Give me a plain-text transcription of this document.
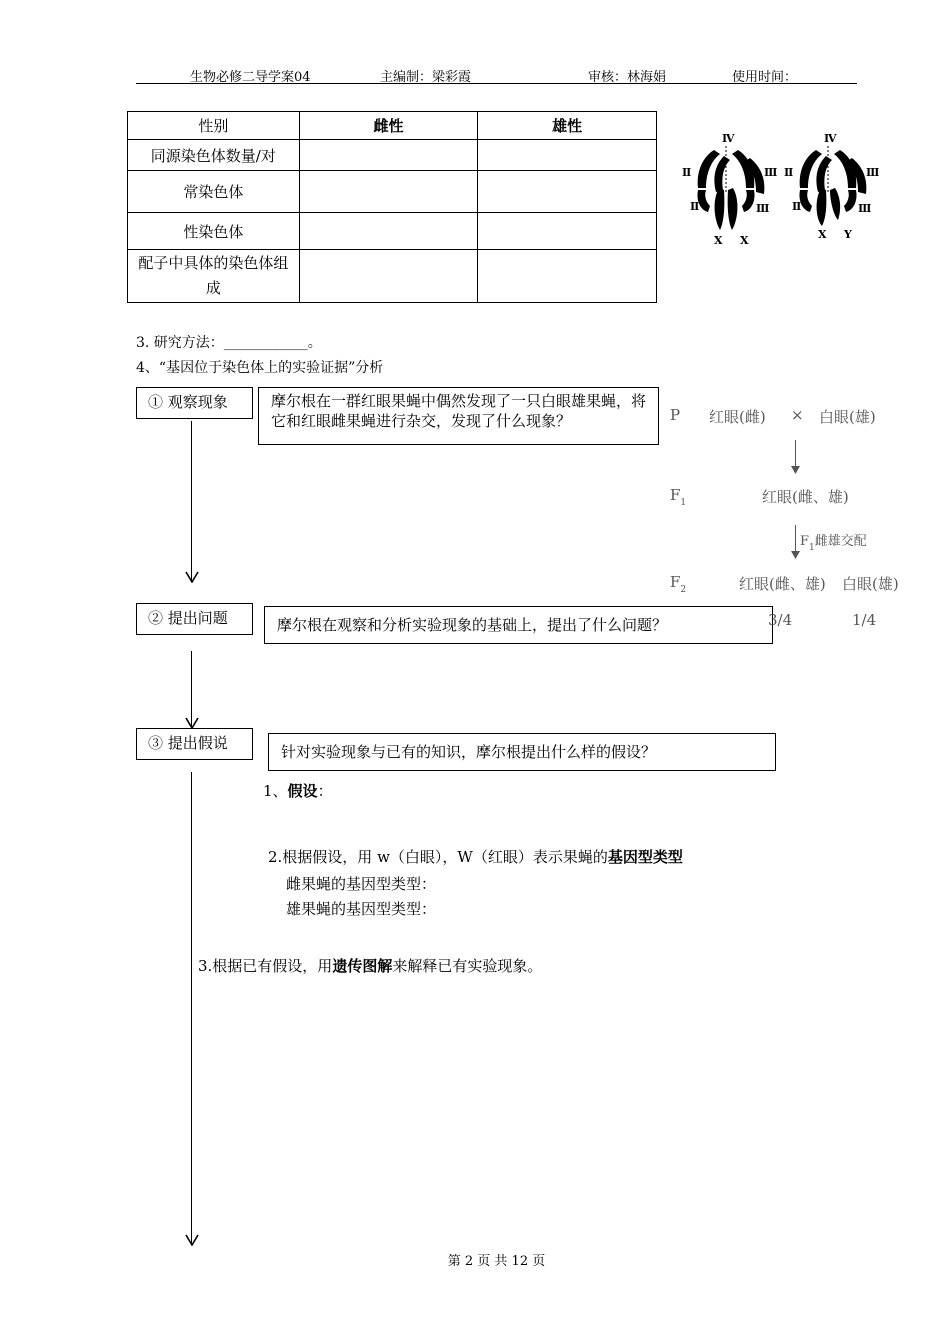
生物必修二导学案04	主编制：梁彩霞	审核：林海娟	使用时间：
性别	雌性	雄性
同源染色体数量/对		
常染色体		
性染色体		
配子中具体的染色体组成		
Ⅳ
Ⅱ	Ⅲ
Ⅱ	Ⅲ
X X
Ⅳ
Ⅱ	Ⅲ
Ⅱ	Ⅲ
X Y
3. 研究方法：____________。
4、“基因位于染色体上的实验证据”分析
① 观察现象	摩尔根在一群红眼果蝇中偶然发现了一只白眼雄果蝇，将它和红眼雌果蝇进行杂交，发现了什么现象？
② 提出问题	摩尔根在观察和分析实验现象的基础上，提出了什么问题？
③ 提出假说	针对实验现象与已有的知识，摩尔根提出什么样的假设？
P 红眼(雌) × 白眼(雄)
$F_1$	红眼(雌、雄)
$F_1$雌雄交配
$F_2$	红眼(雌、雄) 白眼(雄)
3/4	1/4
1、假设：
2.根据假设，用 w（白眼），W（红眼）表示果蝇的基因型类型
雌果蝇的基因型类型：
雄果蝇的基因型类型：
3.根据已有假设，用遗传图解来解释已有实验现象。
第 2 页 共 12 页
